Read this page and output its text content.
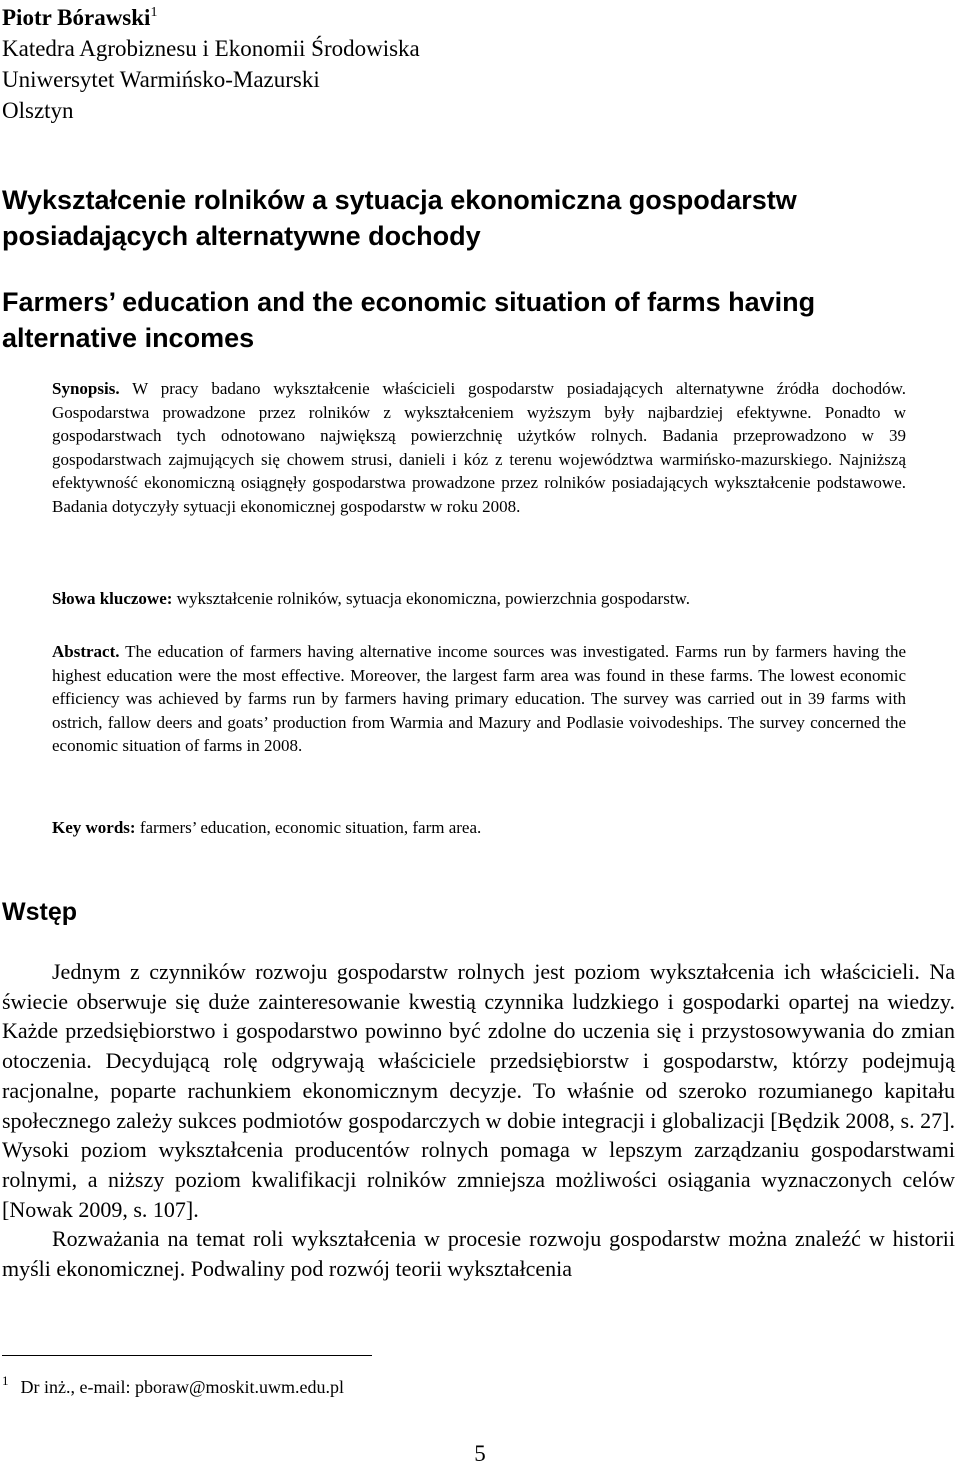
Piotr Bórawski$^1$
Katedra Agrobiznesu i Ekonomii Środowiska
Uniwersytet Warmińsko-Mazurski
Olsztyn
Wykształcenie rolników a sytuacja ekonomiczna gospodarstw posiadających alternatywne dochody
Farmers’ education and the economic situation of farms having alternative incomes
Synopsis. W pracy badano wykształcenie właścicieli gospodarstw posiadających alternatywne źródła dochodów. Gospodarstwa prowadzone przez rolników z wykształceniem wyższym były najbardziej efektywne. Ponadto w gospodarstwach tych odnotowano największą powierzchnię użytków rolnych. Badania przeprowadzono w 39 gospodarstwach zajmujących się chowem strusi, danieli i kóz z terenu województwa warmińsko-mazurskiego. Najniższą efektywność ekonomiczną osiągnęły gospodarstwa prowadzone przez rolników posiadających wykształcenie podstawowe. Badania dotyczyły sytuacji ekonomicznej gospodarstw w roku 2008.
Słowa kluczowe: wykształcenie rolników, sytuacja ekonomiczna, powierzchnia gospodarstw.
Abstract. The education of farmers having alternative income sources was investigated. Farms run by farmers having the highest education were the most effective. Moreover, the largest farm area was found in these farms. The lowest economic efficiency was achieved by farms run by farmers having primary education. The survey was carried out in 39 farms with ostrich, fallow deers and goats’ production from Warmia and Mazury and Podlasie voivodeships. The survey concerned the economic situation of farms in 2008.
Key words: farmers’ education, economic situation, farm area.
Wstęp

Jednym z czynników rozwoju gospodarstw rolnych jest poziom wykształcenia ich właścicieli. Na świecie obserwuje się duże zainteresowanie kwestią czynnika ludzkiego i gospodarki opartej na wiedzy. Każde przedsiębiorstwo i gospodarstwo powinno być zdolne do uczenia się i przystosowywania do zmian otoczenia. Decydującą rolę odgrywają właściciele przedsiębiorstw i gospodarstw, którzy podejmują racjonalne, poparte rachunkiem ekonomicznym decyzje. To właśnie od szeroko rozumianego kapitału społecznego zależy sukces podmiotów gospodarczych w dobie integracji i globalizacji [Będzik 2008, s. 27]. Wysoki poziom wykształcenia producentów rolnych pomaga w lepszym zarządzaniu gospodarstwami rolnymi, a niższy poziom kwalifikacji rolników zmniejsza możliwości osiągania wyznaczonych celów [Nowak 2009, s. 107].

Rozważania na temat roli wykształcenia w procesie rozwoju gospodarstw można znaleźć w historii myśli ekonomicznej. Podwaliny pod rozwój teorii wykształcenia

$^1$ Dr inż., e-mail: pboraw@moskit.uwm.edu.pl
5
